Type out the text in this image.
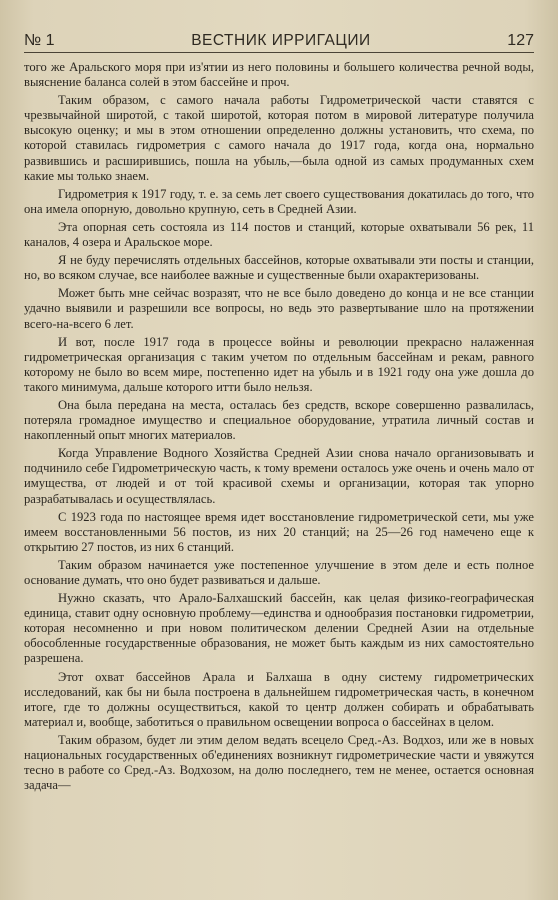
№ 1	ВЕСТНИК ИРРИГАЦИИ	127

того же Аральского моря при из'ятии из него половины и большего количества речной воды, выяснение баланса солей в этом бассейне и проч.

Таким образом, с самого начала работы Гидрометрической части ставятся с чрезвычайной широтой, с такой широтой, которая потом в мировой литературе получила высокую оценку; и мы в этом отношении определенно должны установить, что схема, по которой ставилась гидрометрия с самого начала до 1917 года, когда она, нормально развившись и расширившись, пошла на убыль,—была одной из самых продуманных схем какие мы только знаем.

Гидрометрия к 1917 году, т. е. за семь лет своего существования докатилась до того, что она имела опорную, довольно крупную, сеть в Средней Азии.

Эта опорная сеть состояла из 114 постов и станций, которые охватывали 56 рек, 11 каналов, 4 озера и Аральское море.

Я не буду перечислять отдельных бассейнов, которые охватывали эти посты и станции, но, во всяком случае, все наиболее важные и существенные были охарактеризованы.

Может быть мне сейчас возразят, что не все было доведено до конца и не все станции удачно выявили и разрешили все вопросы, но ведь это развертывание шло на протяжении всего-на-всего 6 лет.

И вот, после 1917 года в процессе войны и революции прекрасно налаженная гидрометрическая организация с таким учетом по отдельным бассейнам и рекам, равного которому не было во всем мире, постепенно идет на убыль и в 1921 году она уже дошла до такого минимума, дальше которого итти было нельзя.

Она была передана на места, осталась без средств, вскоре совершенно развалилась, потеряла громадное имущество и специальное оборудование, утратила личный состав и накопленный опыт многих материалов.

Когда Управление Водного Хозяйства Средней Азии снова начало организовывать и подчинило себе Гидрометрическую часть, к тому времени осталось уже очень и очень мало от имущества, от людей и от той красивой схемы и организации, которая так упорно разрабатывалась и осуществлялась.

С 1923 года по настоящее время идет восстановление гидрометрической сети, мы уже имеем восстановленными 56 постов, из них 20 станций; на 25—26 год намечено еще к открытию 27 постов, из них 6 станций.

Таким образом начинается уже постепенное улучшение в этом деле и есть полное основание думать, что оно будет развиваться и дальше.

Нужно сказать, что Арало-Балхашский бассейн, как целая физико-географическая единица, ставит одну основную проблему—единства и однообразия постановки гидрометрии, которая несомненно и при новом политическом делении Средней Азии на отдельные обособленные государственные образования, не может быть каждым из них самостоятельно разрешена.

Этот охват бассейнов Арала и Балхаша в одну систему гидрометрических исследований, как бы ни была построена в дальнейшем гидрометрическая часть, в конечном итоге, где то должны осуществиться, какой то центр должен собирать и обрабатывать материал и, вообще, заботиться о правильном освещении вопроса о бассейнах в целом.

Таким образом, будет ли этим делом ведать всецело Сред.-Аз. Водхоз, или же в новых национальных государственных об'единениях возникнут гидрометрические части и увяжутся тесно в работе со Сред.-Аз. Водхозом, на долю последнего, тем не менее, остается основная задача—
